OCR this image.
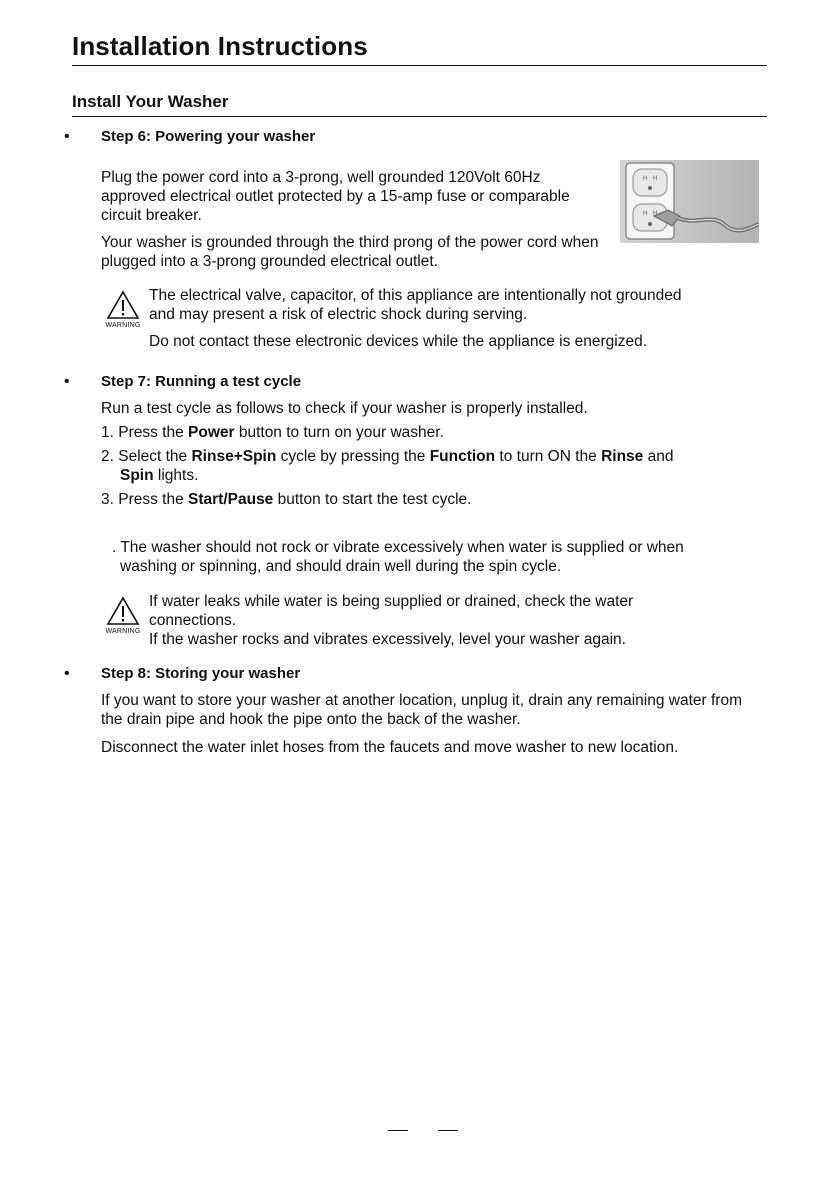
Installation Instructions
Install Your Washer
• Step 6: Powering your washer

Plug the power cord into a 3-prong, well grounded 120Volt 60Hz approved electrical outlet protected by a 15-amp fuse or comparable circuit breaker.

Your washer is grounded through the third prong of the power cord when plugged into a 3-prong grounded electrical outlet.

H H
H H
WARNING

The electrical valve, capacitor, of this appliance are intentionally not grounded and may present a risk of electric shock during serving.

Do not contact these electronic devices while the appliance is energized.

• Step 7: Running a test cycle

Run a test cycle as follows to check if your washer is properly installed.

1. Press the Power button to turn on your washer.

2. Select the Rinse+Spin cycle by pressing the Function to turn ON the Rinse and

Spin lights.

3. Press the Start/Pause button to start the test cycle.

. The washer should not rock or vibrate excessively when water is supplied or when

washing or spinning, and should drain well during the spin cycle.

WARNING

If water leaks while water is being supplied or drained, check the water connections.

If the washer rocks and vibrates excessively, level your washer again.

• Step 8: Storing your washer

If you want to store your washer at another location, unplug it, drain any remaining water from the drain pipe and hook the pipe onto the back of the washer.

Disconnect the water inlet hoses from the faucets and move washer to new location.
